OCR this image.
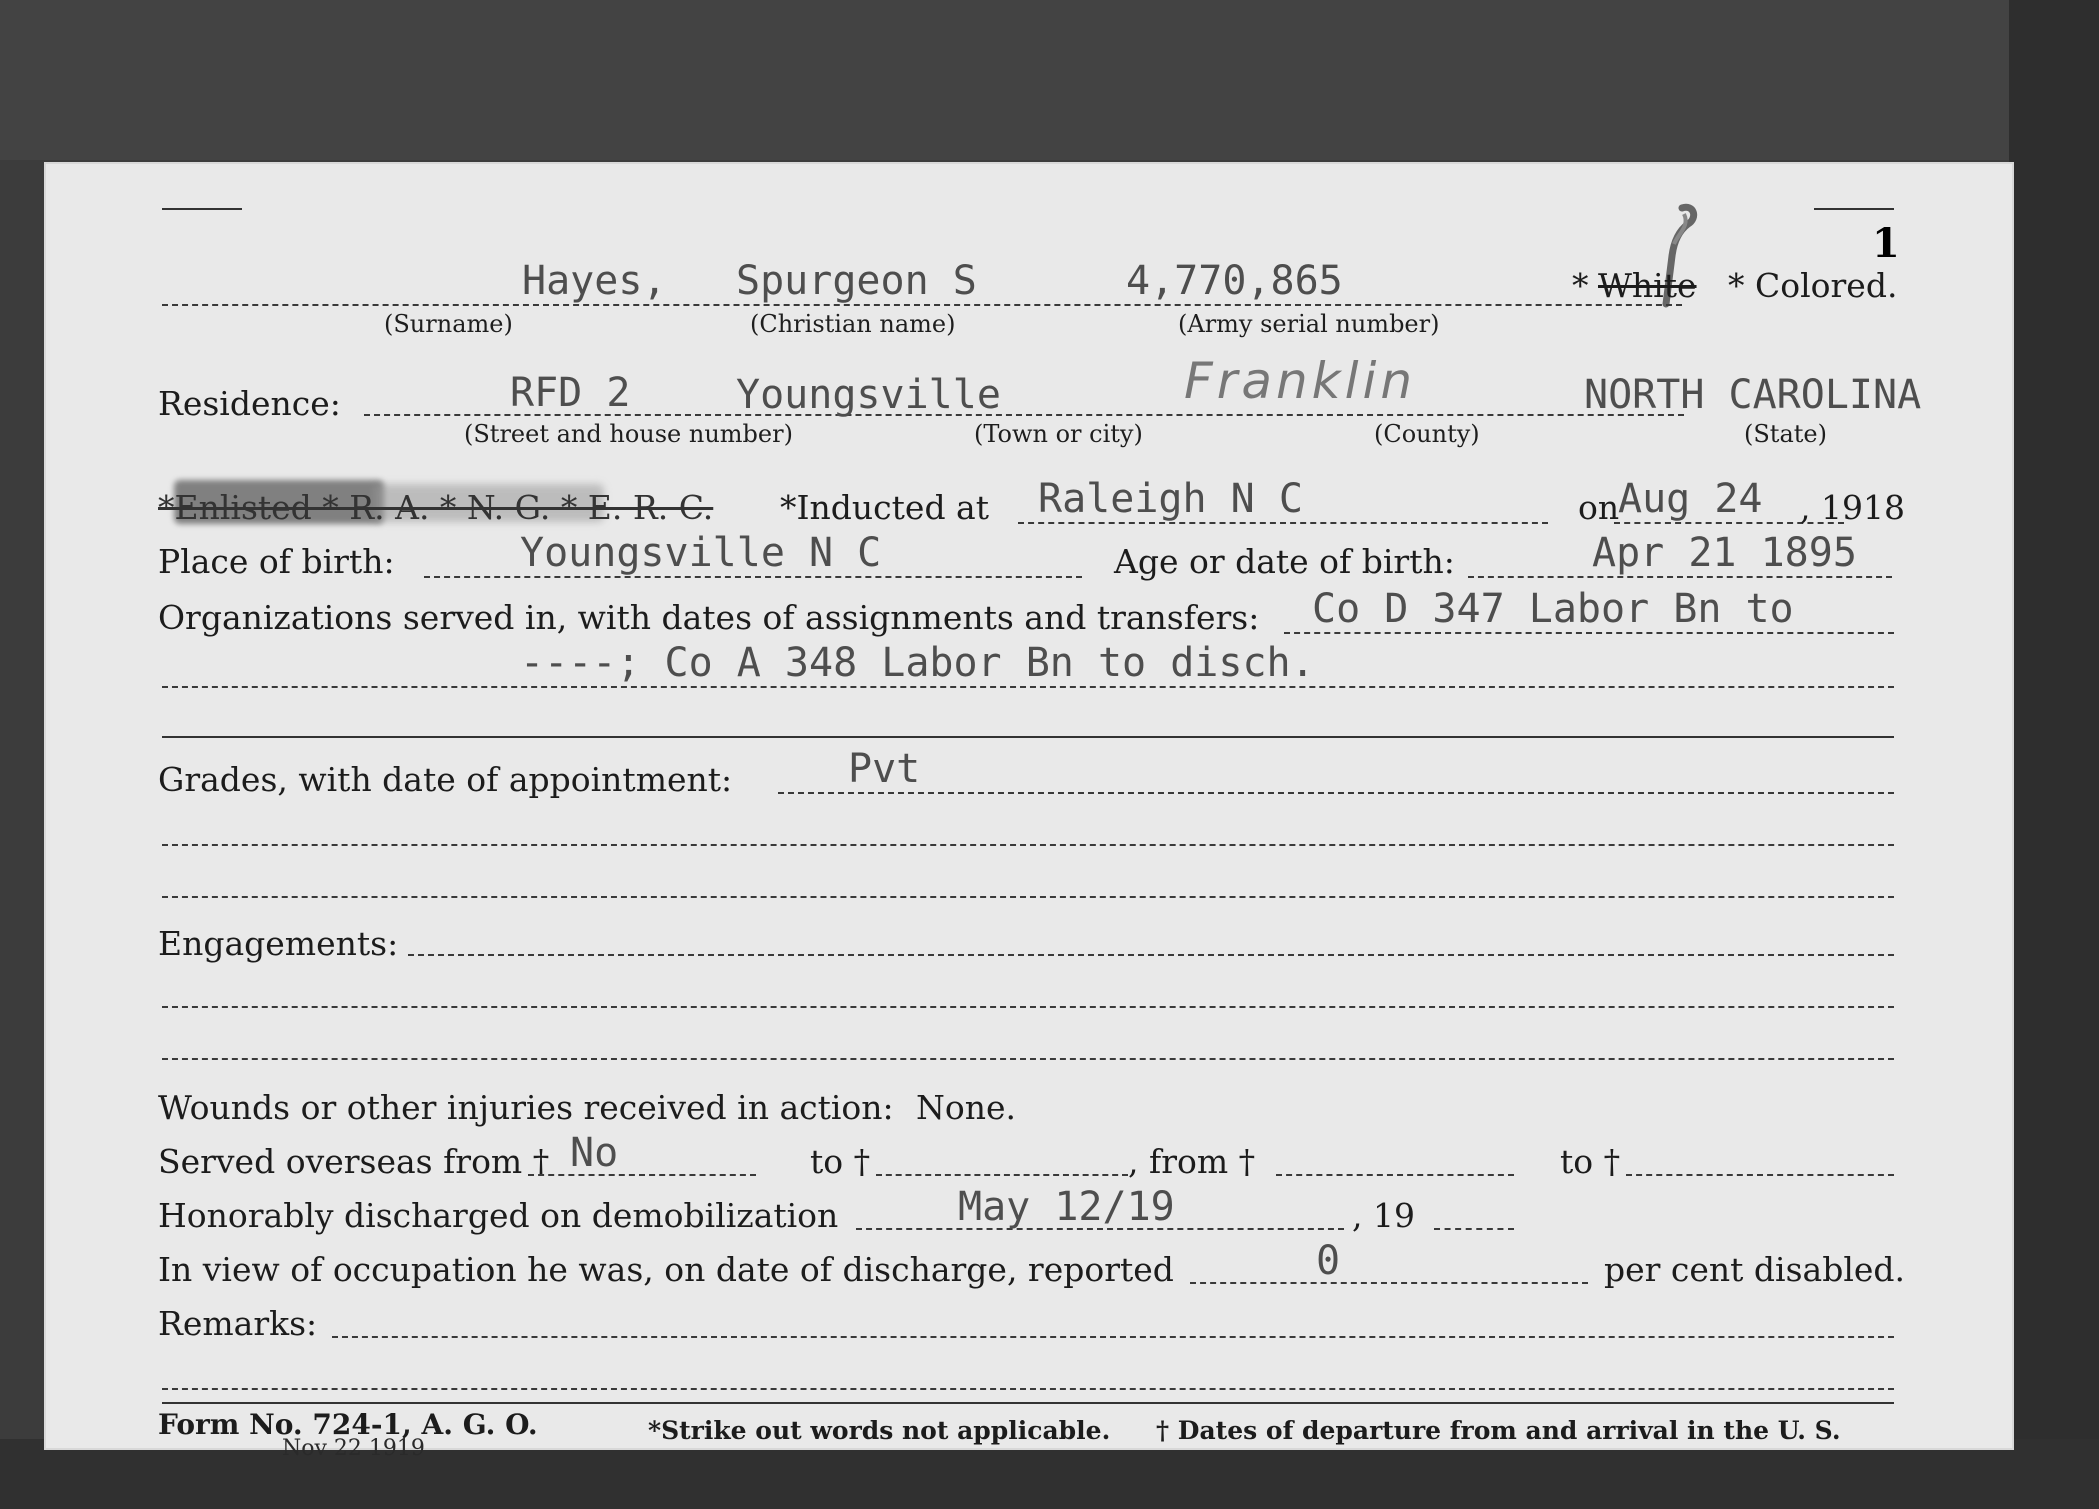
1
Hayes, Spurgeon S	4,770,865
(Surname)	(Christian name)	(Army serial number)
* White * Colored.
Residence:	RFD 2	Youngsville	Franklin	NORTH CAROLINA
(Street and house number)	(Town or city)	(County)	(State)
*Enlisted * R. A. * N. G. * E. R. C. *Inducted at Raleigh N C	on
Aug 24 , 1918
Place of birth:	Youngsville N C	Age or date of birth:	Apr 21 1895
Organizations served in, with dates of assignments and transfers: Co D 347 Labor Bn to
----; Co A 348 Labor Bn to disch.
Grades, with date of appointment:	Pvt
Engagements:
Wounds or other injuries received in action: None.
Served overseas from † No	to †	, from †	to †
Honorably discharged on demobilization	May 12/19	, 19
In view of occupation he was, on date of discharge, reported	0	per cent disabled.
Remarks:
Form No. 724-1, A. G. O.
Nov 22 1919
*Strike out words not applicable. † Dates of departure from and arrival in the U. S.
